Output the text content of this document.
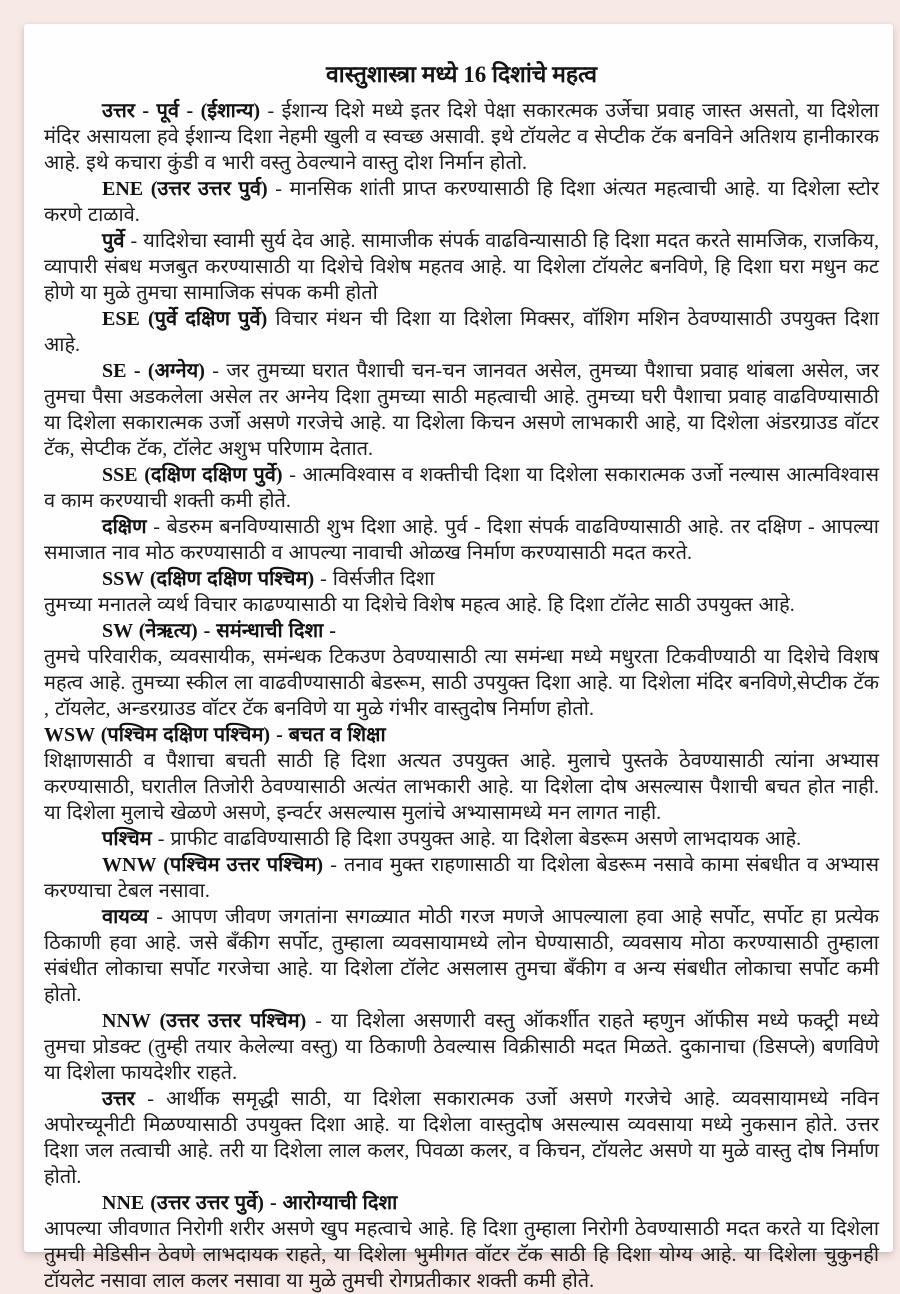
वास्तुशास्त्रा मध्ये 16 दिशांचे महत्व

उत्तर - पूर्व - (ईशान्य) - ईशान्य दिशे मध्ये इतर दिशे पेक्षा सकारत्मक उर्जेचा प्रवाह जास्त असतो, या दिशेला मंदिर असायला हवे ईशान्य दिशा नेहमी खुली व स्वच्छ असावी. इथे टॉयलेट व सेप्टीक टॅक बनविने अतिशय हानीकारक आहे. इथे कचारा कुंडी व भारी वस्तु ठेवल्याने वास्तु दोश निर्मान होतो.

ENE (उत्तर उत्तर पुर्व) - मानसिक शांती प्राप्त करण्यासाठी हि दिशा अंत्यत महत्वाची आहे. या दिशेला स्टोर करणे टाळावे.

पुर्वे - यादिशेचा स्वामी सुर्य देव आहे. सामाजीक संपर्क वाढविन्यासाठी हि दिशा मदत करते सामजिक, राजकिय, व्यापारी संबध मजबुत करण्यासाठी या दिशेचे विशेष महतव आहे. या दिशेला टॉयलेट बनविणे, हि दिशा घरा मधुन कट होणे या मुळे तुमचा सामाजिक संपक कमी होतो

ESE (पुर्वे दक्षिण पुर्वे) विचार मंथन ची दिशा या दिशेला मिक्सर, वॉशिग मशिन ठेवण्यासाठी उपयुक्त दिशा आहे.

SE - (अग्नेय) - जर तुमच्या घरात पैशाची चन-चन जानवत असेल, तुमच्या पैशाचा प्रवाह थांबला असेल, जर तुमचा पैसा अडकलेला असेल तर अग्नेय दिशा तुमच्या साठी महत्वाची आहे. तुमच्या घरी पैशाचा प्रवाह वाढविण्यासाठी या दिशेला सकारात्मक उर्जो असणे गरजेचे आहे. या दिशेला किचन असणे लाभकारी आहे, या दिशेला अंडरग्राउड वॉटर टॅक, सेप्टीक टॅक, टॉलेट अशुभ परिणाम देतात.

SSE (दक्षिण दक्षिण पुर्वे) - आत्मविश्वास व शक्तीची दिशा या दिशेला सकारात्मक उर्जो नल्यास आत्मविश्वास व काम करण्याची शक्ती कमी होते.

दक्षिण - बेडरुम बनविण्यासाठी शुभ दिशा आहे. पुर्व - दिशा संपर्क वाढविण्यासाठी आहे. तर दक्षिण - आपल्या समाजात नाव मोठ करण्यासाठी व आपल्या नावाची ओळख निर्माण करण्यासाठी मदत करते.

SSW (दक्षिण दक्षिण पश्चिम) - विर्सजीत दिशा

तुमच्या मनातले व्यर्थ विचार काढण्यासाठी या दिशेचे विशेष महत्व आहे. हि दिशा टॉलेट साठी उपयुक्त आहे.

SW (नेऋत्य) - समंन्धाची दिशा -

तुमचे परिवारीक, व्यवसायीक, समंन्धक टिकउण ठेवण्यासाठी त्या समंन्धा मध्ये मधुरता टिकवीण्याठी या दिशेचे विशष महत्व आहे. तुमच्या स्कील ला वाढवीण्यासाठी बेडरूम, साठी उपयुक्त दिशा आहे. या दिशेला मंदिर बनविणे,सेप्टीक टॅक , टॉयलेट, अन्डरग्राउड वॉटर टॅक बनविणे या मुळे गंभीर वास्तुदोष निर्माण होतो.

WSW (पश्चिम दक्षिण पश्चिम) - बचत व शिक्षा

शिक्षाणसाठी व पैशाचा बचती साठी हि दिशा अत्यत उपयुक्त आहे. मुलाचे पुस्तके ठेवण्यासाठी त्यांना अभ्यास करण्यासाठी, घरातील तिजोरी ठेवण्यासाठी अत्यंत लाभकारी आहे. या दिशेला दोष असल्यास पैशाची बचत होत नाही. या दिशेला मुलाचे खेळणे असणे, इन्वर्टर असल्यास मुलांचे अभ्यासामध्ये मन लागत नाही.

पश्चिम - प्राफीट वाढविण्यासाठी हि दिशा उपयुक्त आहे. या दिशेला बेडरूम असणे लाभदायक आहे.

WNW (पश्चिम उत्तर पश्चिम) - तनाव मुक्त राहणासाठी या दिशेला बेडरूम नसावे कामा संबधीत व अभ्यास करण्याचा टेबल नसावा.

वायव्य - आपण जीवण जगतांना सगळ्यात मोठी गरज मणजे आपल्याला हवा आहे सर्पोट, सर्पोट हा प्रत्येक ठिकाणी हवा आहे. जसे बँकीग सर्पोट, तुम्हाला व्यवसायामध्ये लोन घेण्यासाठी, व्यवसाय मोठा करण्यासाठी तुम्हाला संबंधीत लोकाचा सर्पोट गरजेचा आहे. या दिशेला टॉलेट असलास तुमचा बँकीग व अन्य संबधीत लोकाचा सर्पोट कमी होतो.

NNW (उत्तर उत्तर पश्चिम) - या दिशेला असणारी वस्तु ऑकर्शीत राहते म्हणुन ऑफीस मध्ये फक्ट्री मध्ये तुमचा प्रोडक्ट (तुम्ही तयार केलेल्या वस्तु) या ठिकाणी ठेवल्यास विक्रीसाठी मदत मिळते. दुकानाचा (डिसप्ले) बणविणे या दिशेला फायदेशीर राहते.

उत्तर - आर्थीक समृद्धी साठी, या दिशेला सकारात्मक उर्जो असणे गरजेचे आहे. व्यवसायामध्ये नविन अपोरच्यूनीटी मिळण्यासाठी उपयुक्त दिशा आहे. या दिशेला वास्तुदोष असल्यास व्यवसाया मध्ये नुकसान होते. उत्तर दिशा जल तत्वाची आहे. तरी या दिशेला लाल कलर, पिवळा कलर, व किचन, टॉयलेट असणे या मुळे वास्तु दोष निर्माण होतो.

NNE (उत्तर उत्तर पुर्वे) - आरोग्याची दिशा

आपल्या जीवणात निरोगी शरीर असणे खुप महत्वाचे आहे. हि दिशा तुम्हाला निरोगी ठेवण्यासाठी मदत करते या दिशेला तुमची मेडिसीन ठेवणे लाभदायक राहते, या दिशेला भुमीगत वॉटर टॅक साठी हि दिशा योग्य आहे. या दिशेला चुकुनही टॉयलेट नसावा लाल कलर नसावा या मुळे तुमची रोगप्रतीकार शक्ती कमी होते.
